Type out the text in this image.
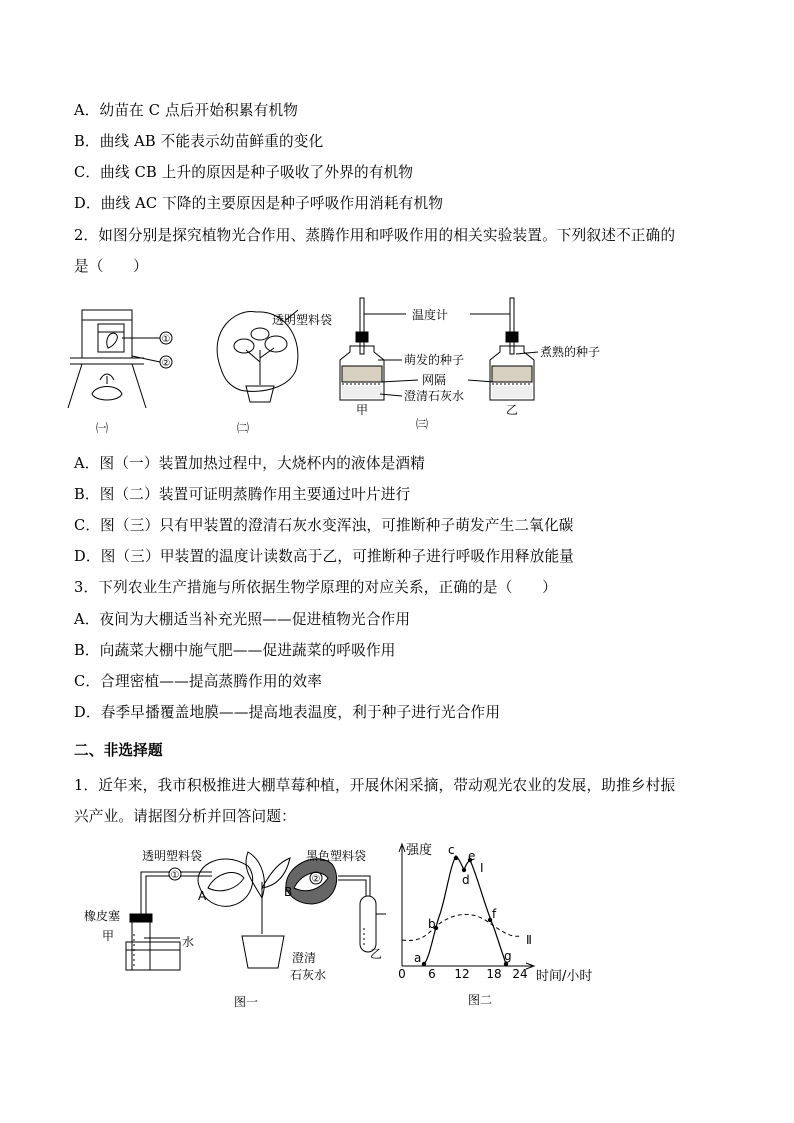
A．幼苗在 C 点后开始积累有机物
B．曲线 AB 不能表示幼苗鲜重的变化
C．曲线 CB 上升的原因是种子吸收了外界的有机物
D．曲线 AC 下降的主要原因是种子呼吸作用消耗有机物
2．如图分别是探究植物光合作用、蒸腾作用和呼吸作用的相关实验装置。下列叙述不正确的
是（　　）
①
②
㈠
透明塑料袋
㈡
温度计
萌发的种子
煮熟的种子
网隔
澄清石灰水
甲	乙
㈢
A．图（一）装置加热过程中，大烧杯内的液体是酒精
B．图（二）装置可证明蒸腾作用主要通过叶片进行
C．图（三）只有甲装置的澄清石灰水变浑浊，可推断种子萌发产生二氧化碳
D．图（三）甲装置的温度计读数高于乙，可推断种子进行呼吸作用释放能量
3．下列农业生产措施与所依据生物学原理的对应关系，正确的是（　　）
A．夜间为大棚适当补充光照——促进植物光合作用
B．向蔬菜大棚中施气肥——促进蔬菜的呼吸作用
C．合理密植——提高蒸腾作用的效率
D．春季早播覆盖地膜——提高地表温度，利于种子进行光合作用
二、非选择题
1．近年来，我市积极推进大棚草莓种植，开展休闲采摘，带动观光农业的发展，助推乡村振
兴产业。请据图分析并回答问题：
透明塑料袋	黑色塑料袋
①	②
A	B
橡皮塞
甲	水
澄清
石灰水
乙
图一
强度
时间/小时
0 6 12 18 24
a
b
c
d
e
f
g
I
Ⅱ
图二
